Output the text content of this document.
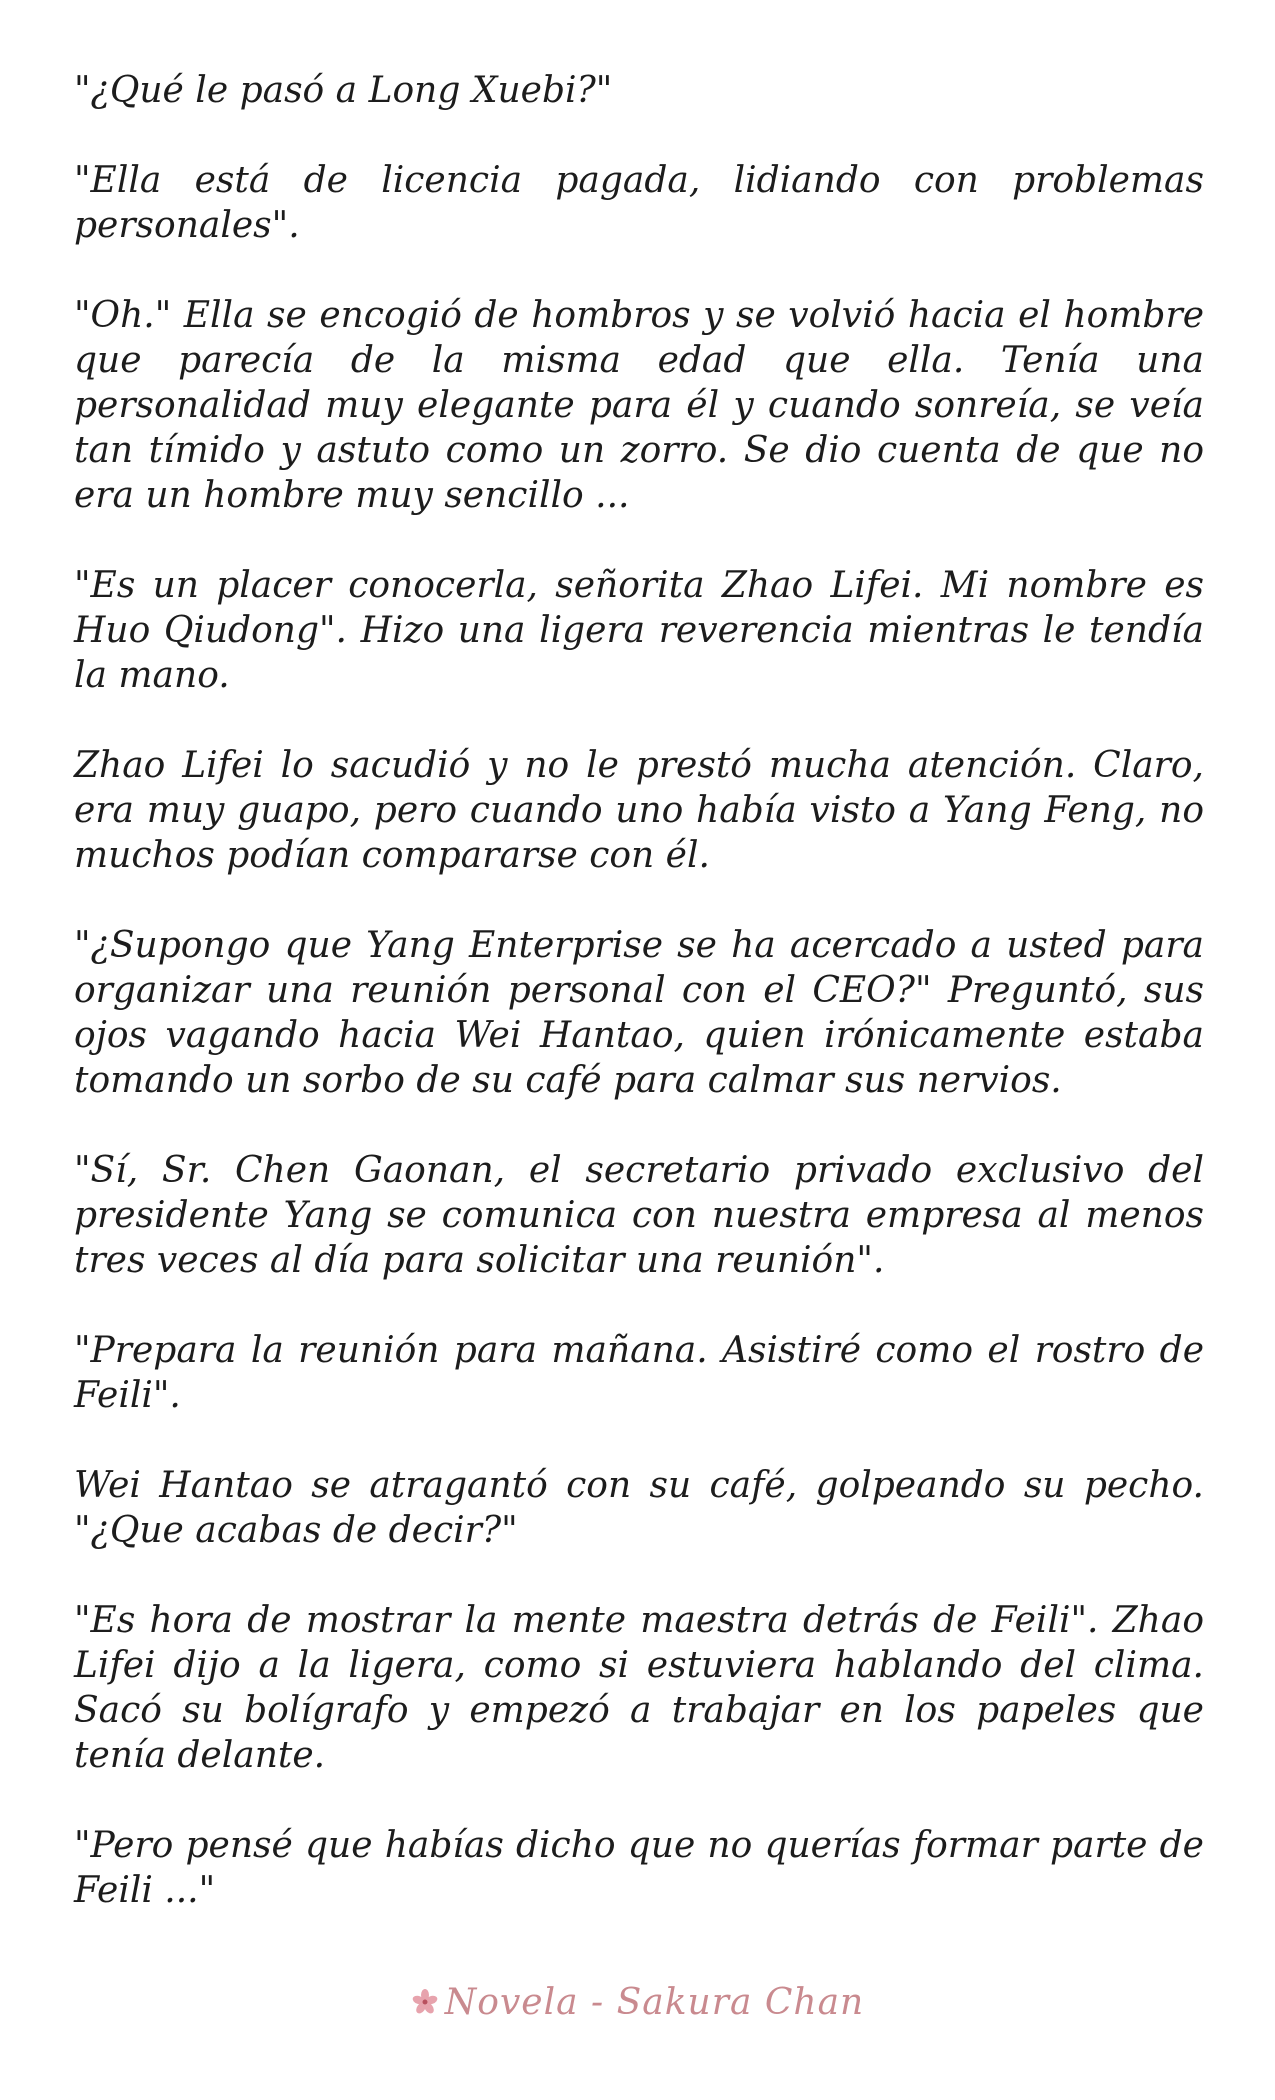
"¿Qué le pasó a Long Xuebi?"

"Ella está de licencia pagada, lidiando con problemas personales".

"Oh." Ella se encogió de hombros y se volvió hacia el hombre que parecía de la misma edad que ella. Tenía una personalidad muy elegante para él y cuando sonreía, se veía tan tímido y astuto como un zorro. Se dio cuenta de que no era un hombre muy sencillo ...

"Es un placer conocerla, señorita Zhao Lifei. Mi nombre es Huo Qiudong". Hizo una ligera reverencia mientras le tendía la mano.

Zhao Lifei lo sacudió y no le prestó mucha atención. Claro, era muy guapo, pero cuando uno había visto a Yang Feng, no muchos podían compararse con él.

"¿Supongo que Yang Enterprise se ha acercado a usted para organizar una reunión personal con el CEO?" Preguntó, sus ojos vagando hacia Wei Hantao, quien irónicamente estaba tomando un sorbo de su café para calmar sus nervios.

"Sí, Sr. Chen Gaonan, el secretario privado exclusivo del presidente Yang se comunica con nuestra empresa al menos tres veces al día para solicitar una reunión".

"Prepara la reunión para mañana. Asistiré como el rostro de Feili".

Wei Hantao se atragantó con su café, golpeando su pecho. "¿Que acabas de decir?"

"Es hora de mostrar la mente maestra detrás de Feili". Zhao Lifei dijo a la ligera, como si estuviera hablando del clima. Sacó su bolígrafo y empezó a trabajar en los papeles que tenía delante.

"Pero pensé que habías dicho que no querías formar parte de Feili ..."

Novela - Sakura Chan
